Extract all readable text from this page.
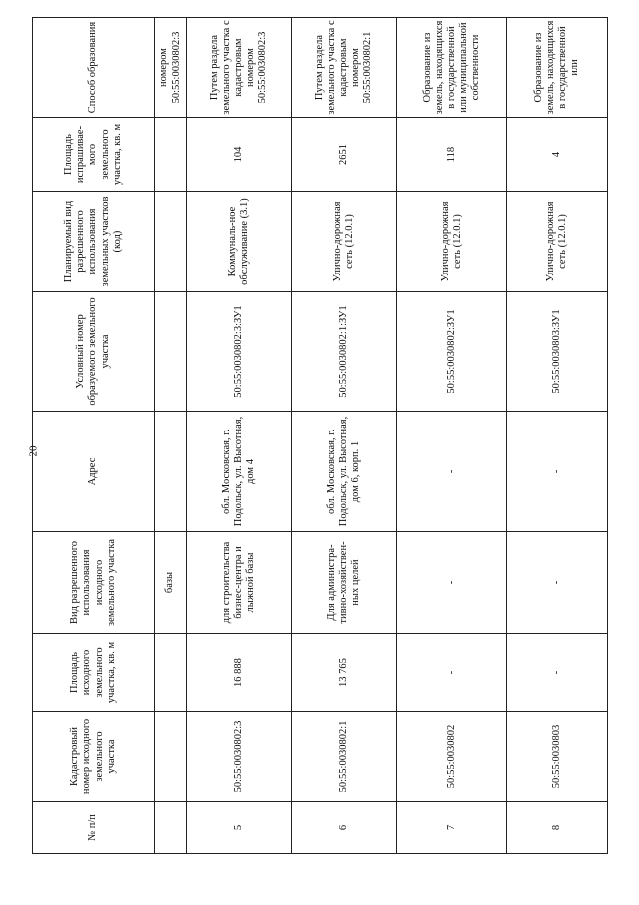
20
№ п/п	Кадастровый номер исходного земельного участка	Площадь исходного земельного участка, кв. м	Вид разрешенного использования исходного земельного участка	Адрес	Условный номер образуемого земельного участка	Планируемый вид разрешенного использования земельных участков (код)	Площадь испрашивае-мого земельного участка, кв. м	Способ образования
			базы					номером 50:55:0030802:3
5	50:55:0030802:3	16 888	для строительства бизнес-центра и лыжной базы	обл. Московская, г. Подольск, ул. Высотная, дом 4	50:55:0030802:3:ЗУ1	Коммуналь-ное обслуживание (3.1)	104	Путем раздела земельного участка с кадастровым номером 50:55:0030802:3
6	50:55:0030802:1	13 765	Для администра-тивно-хозяйствен-ных целей	обл. Московская, г. Подольск, ул. Высотная, дом 6, корп. 1	50:55:0030802:1:ЗУ1	Улично-дорожная сеть (12.0.1)	2651	Путем раздела земельного участка с кадастровым номером 50:55:0030802:1
7	50:55:0030802	-	-	-	50:55:0030802:ЗУ1	Улично-дорожная сеть (12.0.1)	118	Образование из земель, находящихся в государственной или муниципальной собственности
8	50:55:0030803	-	-	-	50:55:0030803:ЗУ1	Улично-дорожная сеть (12.0.1)	4	Образование из земель, находящихся в государственной или
